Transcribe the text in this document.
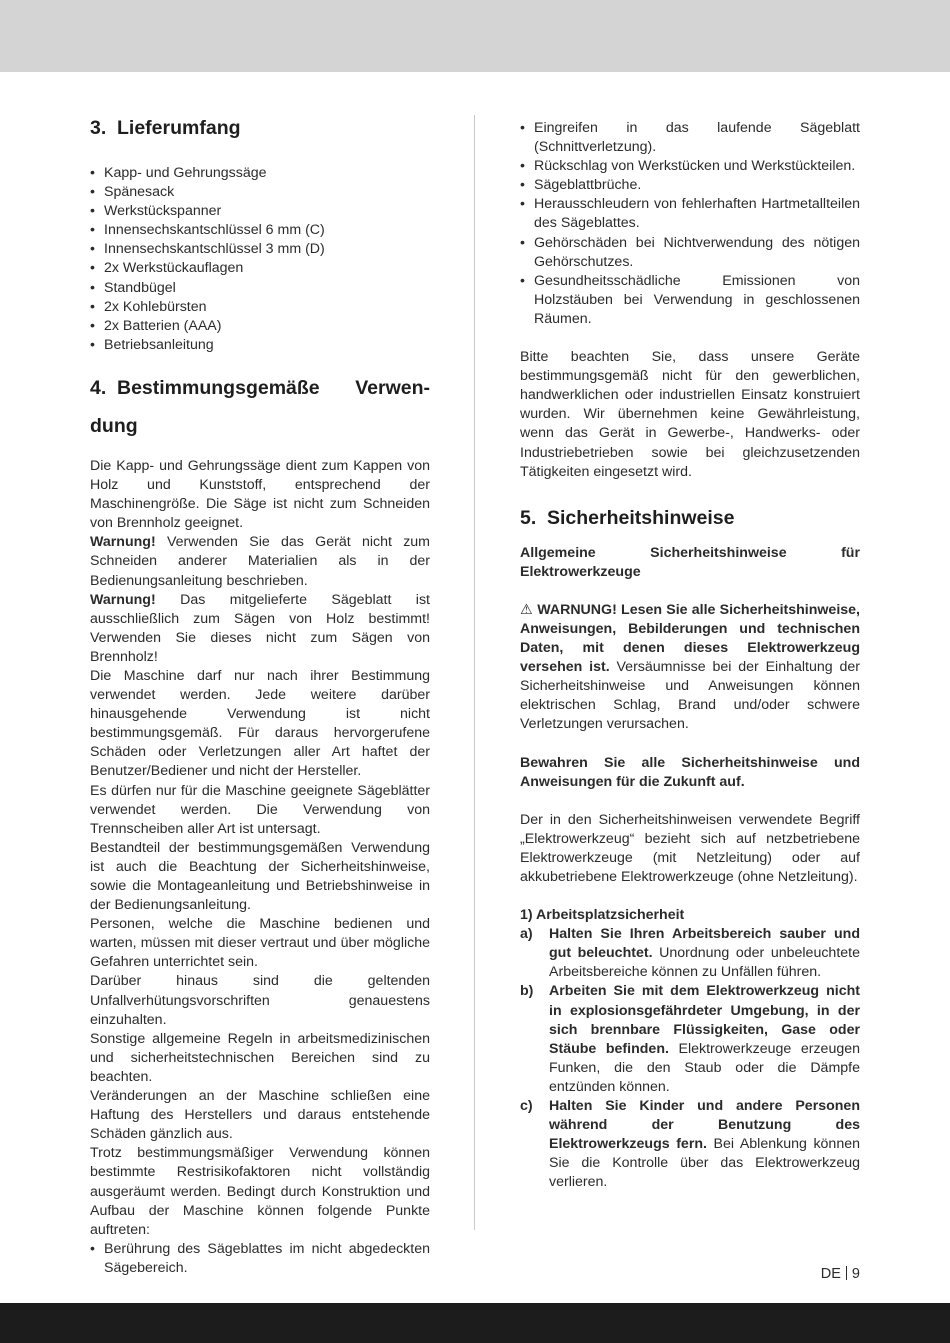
3. Lieferumfang
• Kapp- und Gehrungssäge
• Spänesack
• Werkstückspanner
• Innensechskantschlüssel 6 mm (C)
• Innensechskantschlüssel 3 mm (D)
• 2x Werkstückauflagen
• Standbügel
• 2x Kohlebürsten
• 2x Batterien (AAA)
• Betriebsanleitung
4. Bestimmungsgemäße Verwen-
dung

Die Kapp- und Gehrungssäge dient zum Kappen von Holz und Kunststoff, entsprechend der Maschinengröße. Die Säge ist nicht zum Schneiden von Brennholz geeignet.

Warnung! Verwenden Sie das Gerät nicht zum Schneiden anderer Materialien als in der Bedienungsanleitung beschrieben.

Warnung! Das mitgelieferte Sägeblatt ist ausschließlich zum Sägen von Holz bestimmt! Verwenden Sie dieses nicht zum Sägen von Brennholz!

Die Maschine darf nur nach ihrer Bestimmung verwendet werden. Jede weitere darüber hinausgehende Verwendung ist nicht bestimmungsgemäß. Für daraus hervorgerufene Schäden oder Verletzungen aller Art haftet der Benutzer/Bediener und nicht der Hersteller.

Es dürfen nur für die Maschine geeignete Sägeblätter verwendet werden. Die Verwendung von Trennscheiben aller Art ist untersagt.

Bestandteil der bestimmungsgemäßen Verwendung ist auch die Beachtung der Sicherheitshinweise, sowie die Montageanleitung und Betriebshinweise in der Bedienungsanleitung.

Personen, welche die Maschine bedienen und warten, müssen mit dieser vertraut und über mögliche Gefahren unterrichtet sein.

Darüber hinaus sind die geltenden Unfallverhütungsvorschriften genauestens einzuhalten.

Sonstige allgemeine Regeln in arbeitsmedizinischen und sicherheitstechnischen Bereichen sind zu beachten.

Veränderungen an der Maschine schließen eine Haftung des Herstellers und daraus entstehende Schäden gänzlich aus.

Trotz bestimmungsmäßiger Verwendung können bestimmte Restrisikofaktoren nicht vollständig ausgeräumt werden. Bedingt durch Konstruktion und Aufbau der Maschine können folgende Punkte auftreten:

• Berührung des Sägeblattes im nicht abgedeckten Sägebereich.
• Eingreifen in das laufende Sägeblatt (Schnittverletzung).
• Rückschlag von Werkstücken und Werkstückteilen.
• Sägeblattbrüche.
• Herausschleudern von fehlerhaften Hartmetallteilen des Sägeblattes.
• Gehörschäden bei Nichtverwendung des nötigen Gehörschutzes.
• Gesundheitsschädliche Emissionen von Holzstäuben bei Verwendung in geschlossenen Räumen.

Bitte beachten Sie, dass unsere Geräte bestimmungsgemäß nicht für den gewerblichen, handwerklichen oder industriellen Einsatz konstruiert wurden. Wir übernehmen keine Gewährleistung, wenn das Gerät in Gewerbe-, Handwerks- oder Industriebetrieben sowie bei gleichzusetzenden Tätigkeiten eingesetzt wird.

5. Sicherheitshinweise

Allgemeine Sicherheitshinweise für Elektrowerkzeuge

⚠ WARNUNG! Lesen Sie alle Sicherheitshinweise, Anweisungen, Bebilderungen und technischen Daten, mit denen dieses Elektrowerkzeug versehen ist. Versäumnisse bei der Einhaltung der Sicherheitshinweise und Anweisungen können elektrischen Schlag, Brand und/oder schwere Verletzungen verursachen.

Bewahren Sie alle Sicherheitshinweise und Anweisungen für die Zukunft auf.

Der in den Sicherheitshinweisen verwendete Begriff „Elektrowerkzeug“ bezieht sich auf netzbetriebene Elektrowerkzeuge (mit Netzleitung) oder auf akkubetriebene Elektrowerkzeuge (ohne Netzleitung).

1) Arbeitsplatzsicherheit

a) Halten Sie Ihren Arbeitsbereich sauber und gut beleuchtet. Unordnung oder unbeleuchtete Arbeitsbereiche können zu Unfällen führen.
b) Arbeiten Sie mit dem Elektrowerkzeug nicht in explosionsgefährdeter Umgebung, in der sich brennbare Flüssigkeiten, Gase oder Stäube befinden. Elektrowerkzeuge erzeugen Funken, die den Staub oder die Dämpfe entzünden können.
c) Halten Sie Kinder und andere Personen während der Benutzung des Elektrowerkzeugs fern. Bei Ablenkung können Sie die Kontrolle über das Elektrowerkzeug verlieren.
DE 9
